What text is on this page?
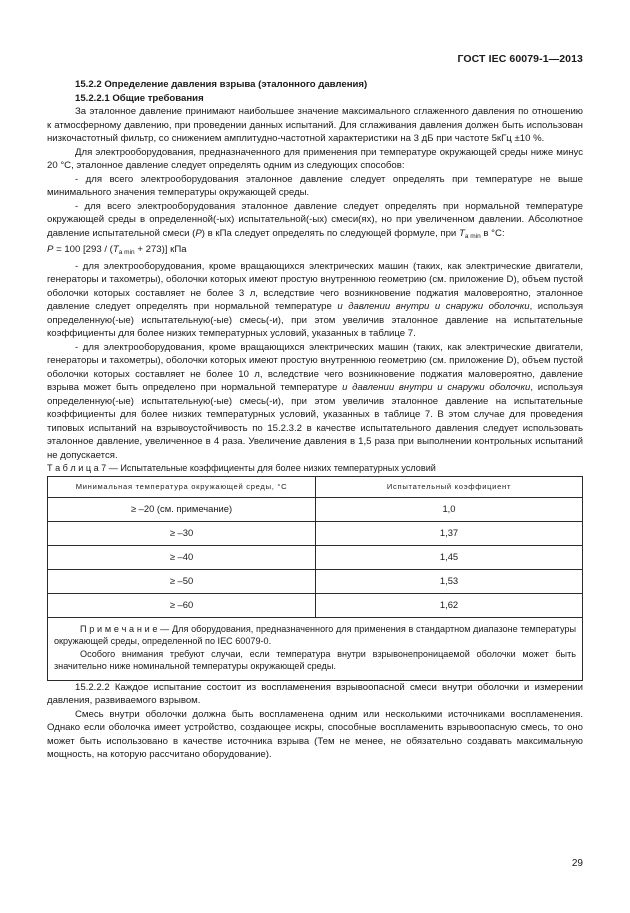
ГОСТ IEC 60079-1—2013

15.2.2 Определение давления взрыва (эталонного давления)

15.2.2.1 Общие требования

За эталонное давление принимают наибольшее значение максимального сглаженного давления по отношению к атмосферному давлению, при проведении данных испытаний. Для сглаживания давления должен быть использован низкочастотный фильтр, со снижением амплитудно-частотной характеристики на 3 дБ при частоте 5кГц ±10 %.

Для электрооборудования, предназначенного для применения при температуре окружающей среды ниже минус 20 °С, эталонное давление следует определять одним из следующих способов:

- для всего электрооборудования эталонное давление следует определять при температуре не выше минимального значения температуры окружающей среды.

- для всего электрооборудования эталонное давление следует определять при нормальной температуре окружающей среды в определенной(-ых) испытательной(-ых) смеси(ях), но при увеличенном давлении. Абсолютное давление испытательной смеси (Р) в кПа следует определять по следующей формуле, при $T_{a min}$ в °С:

Р = 100 $[293 / (T_{a min} + 273)]$ кПа

- для электрооборудования, кроме вращающихся электрических машин (таких, как электрические двигатели, генераторы и тахометры), оболочки которых имеют простую внутреннюю геометрию (см. приложение D), объем пустой оболочки которых составляет не более 3 л, вследствие чего возникновение поджатия маловероятно, эталонное давление следует определять при нормальной температуре и давлении внутри и снаружи оболочки, используя определенную(-ые) испытательную(-ые) смесь(-и), при этом увеличив эталонное давление на испытательные коэффициенты для более низких температурных условий, указанных в таблице 7.

- для электрооборудования, кроме вращающихся электрических машин (таких, как электрические двигатели, генераторы и тахометры), оболочки которых имеют простую внутреннюю геометрию (см. приложение D), объем пустой оболочки которых составляет не более 10 л, вследствие чего возникновение поджатия маловероятно, давление взрыва может быть определено при нормальной температуре и давлении внутри и снаружи оболочки, используя определенную(-ые) испытательную(-ые) смесь(-и), при этом увеличив эталонное давление на испытательные коэффициенты для более низких температурных условий, указанных в таблице 7. В этом случае для проведения типовых испытаний на взрывоустойчивость по 15.2.3.2 в качестве испытательного давления следует использовать эталонное давление, увеличенное в 4 раза. Увеличение давления в 1,5 раза при выполнении контрольных испытаний не допускается.

Т а б л и ц а 7 — Испытательные коэффициенты для более низких температурных условий

Минимальная температура окружающей среды, °С	Испытательный коэффициент
≥ –20 (см. примечание)	1,0
≥ –30	1,37
≥ –40	1,45
≥ –50	1,53
≥ –60	1,62

П р и м е ч а н и е — Для оборудования, предназначенного для применения в стандартном диапазоне температуры окружающей среды, определенной по IEC 60079-0.

Особого внимания требуют случаи, если температура внутри взрывонепроницаемой оболочки может быть значительно ниже номинальной температуры окружающей среды.	

15.2.2.2 Каждое испытание состоит из воспламенения взрывоопасной смеси внутри оболочки и измерении давления, развиваемого взрывом.

Смесь внутри оболочки должна быть воспламенена одним или несколькими источниками воспламенения. Однако если оболочка имеет устройство, создающее искры, способные воспламенить взрывоопасную смесь, то оно может быть использовано в качестве источника взрыва (Тем не менее, не обязательно создавать максимальную мощность, на которую рассчитано оборудование).

29
